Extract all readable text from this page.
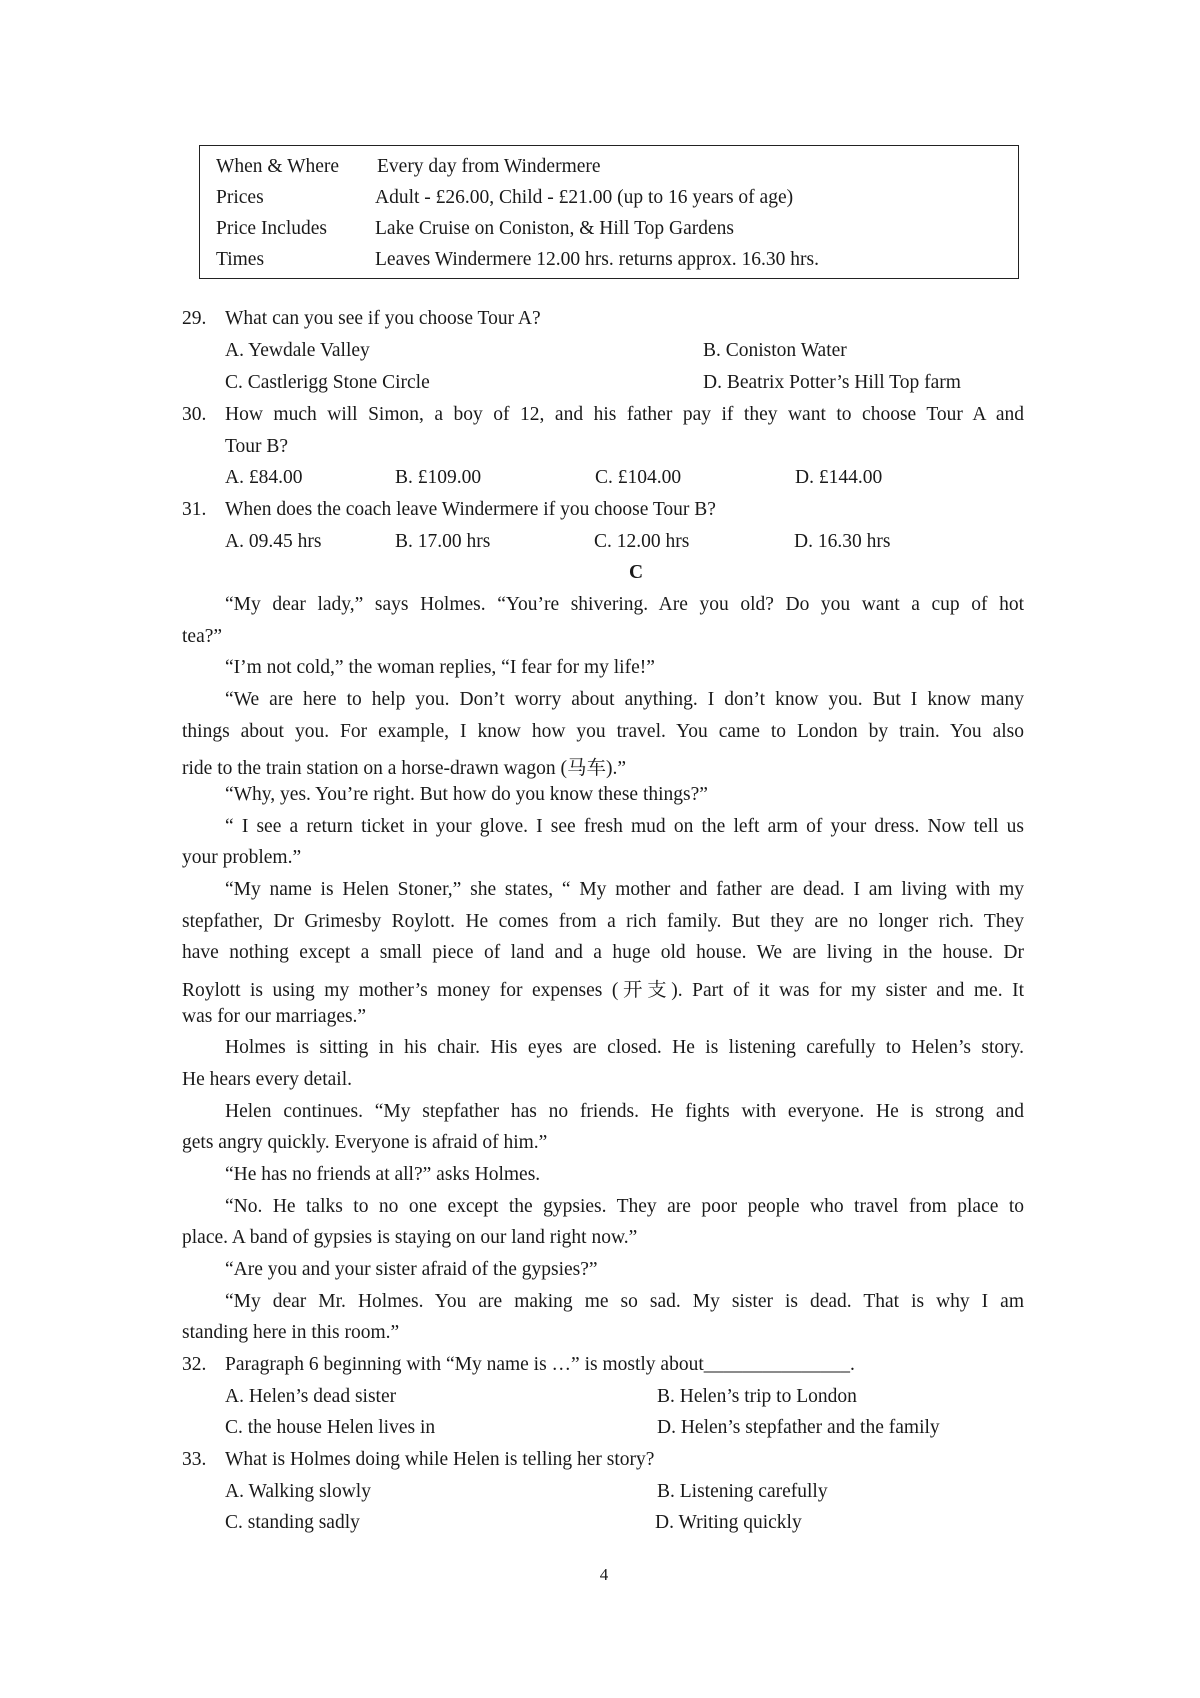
When & Where Every day from Windermere
Prices	Adult - £26.00, Child - £21.00 (up to 16 years of age)
Price Includes Lake Cruise on Coniston, & Hill Top Gardens
Times	Leaves Windermere 12.00 hrs. returns approx. 16.30 hrs.
29. What can you see if you choose Tour A?
A. Yewdale Valley	B. Coniston Water
C. Castlerigg Stone Circle	D. Beatrix Potter’s Hill Top farm
30. How much will Simon, a boy of 12, and his father pay if they want to choose Tour A and
Tour B?
A. £84.00	B. £109.00	C. £104.00	D. £144.00
31. When does the coach leave Windermere if you choose Tour B?
A. 09.45 hrs	B. 17.00 hrs	C. 12.00 hrs	D. 16.30 hrs
C
“My dear lady,” says Holmes. “You’re shivering. Are you old? Do you want a cup of hot
tea?”
“I’m not cold,” the woman replies, “I fear for my life!”
“We are here to help you. Don’t worry about anything. I don’t know you. But I know many
things about you. For example, I know how you travel. You came to London by train. You also
ride to the train station on a horse-drawn wagon (马车).”
“Why, yes. You’re right. But how do you know these things?”
“ I see a return ticket in your glove. I see fresh mud on the left arm of your dress. Now tell us
your problem.”
“My name is Helen Stoner,” she states, “ My mother and father are dead. I am living with my
stepfather, Dr Grimesby Roylott. He comes from a rich family. But they are no longer rich. They
have nothing except a small piece of land and a huge old house. We are living in the house. Dr
Roylott is using my mother’s money for expenses (开支). Part of it was for my sister and me. It
was for our marriages.”
Holmes is sitting in his chair. His eyes are closed. He is listening carefully to Helen’s story.
He hears every detail.
Helen continues. “My stepfather has no friends. He fights with everyone. He is strong and
gets angry quickly. Everyone is afraid of him.”
“He has no friends at all?” asks Holmes.
“No. He talks to no one except the gypsies. They are poor people who travel from place to
place. A band of gypsies is staying on our land right now.”
“Are you and your sister afraid of the gypsies?”
“My dear Mr. Holmes. You are making me so sad. My sister is dead. That is why I am
standing here in this room.”
32. Paragraph 6 beginning with “My name is …” is mostly about_______________.
A. Helen’s dead sister	B. Helen’s trip to London
C. the house Helen lives in	D. Helen’s stepfather and the family
33. What is Holmes doing while Helen is telling her story?
A. Walking slowly	B. Listening carefully
C. standing sadly	D. Writing quickly
4
